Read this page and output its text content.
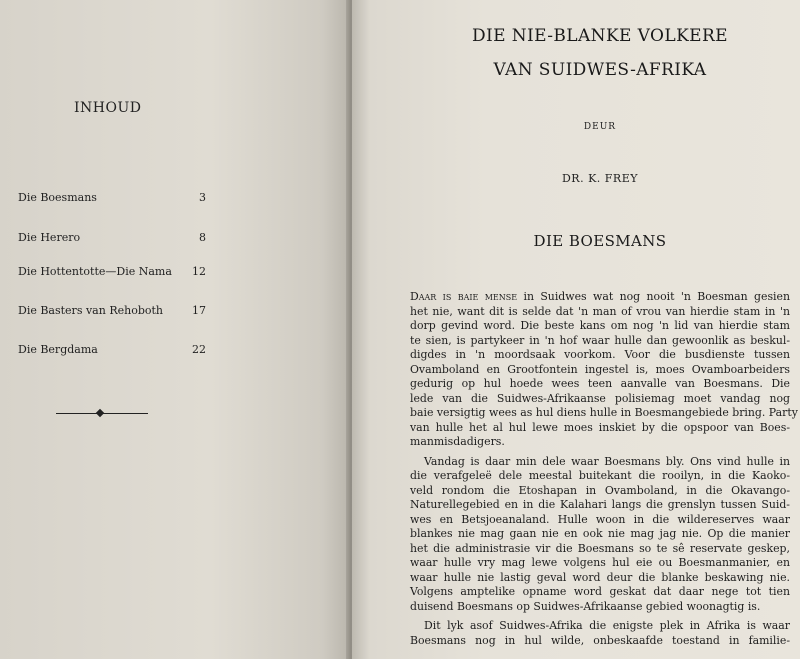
INHOUD
Die Boesmans	3
Die Herero	8
Die Hottentotte—Die Nama 12
Die Basters van Rehoboth	17
Die Bergdama	22
DIE NIE-BLANKE VOLKERE
VAN SUIDWES-AFRIKA
DEUR
DR. K. FREY
DIE BOESMANS
Daar is baie mense in Suidwes wat nog nooit 'n Boesman gesien
het nie, want dit is selde dat 'n man of vrou van hierdie stam in 'n
dorp gevind word. Die beste kans om nog 'n lid van hierdie stam
te sien, is partykeer in 'n hof waar hulle dan gewoonlik as beskul-
digdes in 'n moordsaak voorkom. Voor die busdienste tussen
Ovamboland en Grootfontein ingestel is, moes Ovamboarbeiders
gedurig op hul hoede wees teen aanvalle van Boesmans. Die
lede van die Suidwes-Afrikaanse polisiemag moet vandag nog
baie versigtig wees as hul diens hulle in Boesmangebiede bring. Party
van hulle het al hul lewe moes inskiet by die opspoor van Boes-
manmisdadigers.
Vandag is daar min dele waar Boesmans bly. Ons vind hulle in
die verafgeleë dele meestal buitekant die rooilyn, in die Kaoko-
veld rondom die Etoshapan in Ovamboland, in die Okavango-
Naturellegebied en in die Kalahari langs die grenslyn tussen Suid-
wes en Betsjoeanaland. Hulle woon in die wildereserves waar
blankes nie mag gaan nie en ook nie mag jag nie. Op die manier
het die administrasie vir die Boesmans so te sê reservate geskep,
waar hulle vry mag lewe volgens hul eie ou Boesmanmanier, en
waar hulle nie lastig geval word deur die blanke beskawing nie.
Volgens amptelike opname word geskat dat daar nege tot tien
duisend Boesmans op Suidwes-Afrikaanse gebied woonagtig is.
Dit lyk asof Suidwes-Afrika die enigste plek in Afrika is waar
Boesmans nog in hul wilde, onbeskaafde toestand in familie-
